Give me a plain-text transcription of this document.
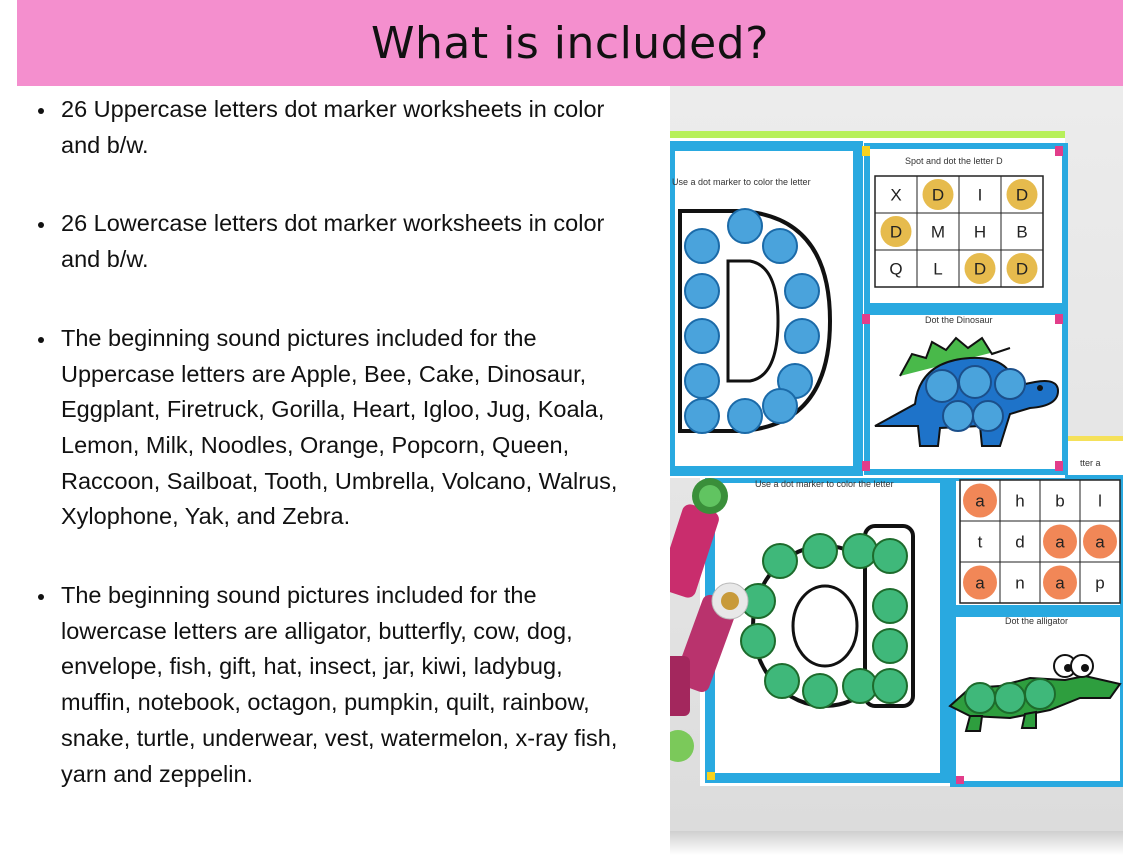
What is included?
26 Uppercase letters dot marker worksheets in color
and b/w.
26 Lowercase letters dot marker worksheets in color
and b/w.
The beginning sound pictures included for the
Uppercase letters are Apple, Bee, Cake, Dinosaur,
Eggplant, Firetruck, Gorilla, Heart, Igloo, Jug, Koala,
Lemon, Milk, Noodles, Orange, Popcorn, Queen,
Raccoon, Sailboat, Tooth, Umbrella, Volcano, Walrus,
Xylophone, Yak, and Zebra.
The beginning sound pictures included for the
lowercase letters are alligator, butterfly, cow, dog,
envelope, fish, gift, hat, insect, jar, kiwi, ladybug,
muffin, notebook, octagon, pumpkin, quilt, rainbow,
snake, turtle, underwear, vest, watermelon, x-ray fish,
yarn and zeppelin.
Use a dot marker to color the letter
tter a
a h b l
t d a a
a n a p
Dot the alligator
Use a dot marker to color the letter
Spot and dot the letter D
X D I D
D M H B
Q L D D
Dot the Dinosaur
